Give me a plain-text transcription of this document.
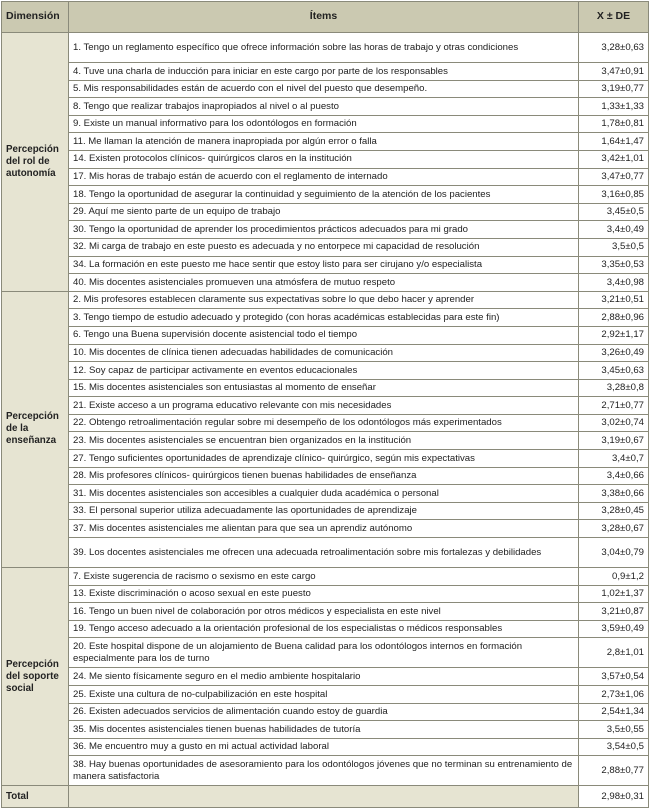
Dimensión	Ítems	X ± DE
Percepción del rol de autonomía	1. Tengo un reglamento específico que ofrece información sobre las horas de trabajo y otras condiciones	3,28±0,63
	4. Tuve una charla de inducción para iniciar en este cargo por parte de los responsables	3,47±0,91
	5. Mis responsabilidades están de acuerdo con el nivel del puesto que desempeño.	3,19±0,77
	8. Tengo que realizar trabajos inapropiados al nivel o al puesto	1,33±1,33
	9. Existe un manual informativo para los odontólogos en formación	1,78±0,81
	11. Me llaman la atención de manera inapropiada por algún error o falla	1,64±1,47
	14. Existen protocolos clínicos- quirúrgicos claros en la institución	3,42±1,01
	17. Mis horas de trabajo están de acuerdo con el reglamento de internado	3,47±0,77
	18. Tengo la oportunidad de asegurar la continuidad y seguimiento de la atención de los pacientes	3,16±0,85
	29. Aquí me siento parte de un equipo de trabajo	3,45±0,5
	30. Tengo la oportunidad de aprender los procedimientos prácticos adecuados para mi grado	3,4±0,49
	32. Mi carga de trabajo en este puesto es adecuada y no entorpece mi capacidad de resolución	3,5±0,5
	34. La formación en este puesto me hace sentir que estoy listo para ser cirujano y/o especialista	3,35±0,53
	40. Mis docentes asistenciales promueven una atmósfera de mutuo respeto	3,4±0,98
Percepción de la enseñanza	2. Mis profesores establecen claramente sus expectativas sobre lo que debo hacer y aprender	3,21±0,51
	3. Tengo tiempo de estudio adecuado y protegido (con horas académicas establecidas para este fin)	2,88±0,96
	6. Tengo una Buena supervisión docente asistencial todo el tiempo	2,92±1,17
	10. Mis docentes de clínica tienen adecuadas habilidades de comunicación	3,26±0,49
	12. Soy capaz de participar activamente en eventos educacionales	3,45±0,63
	15. Mis docentes asistenciales son entusiastas al momento de enseñar	3,28±0,8
	21. Existe acceso a un programa educativo relevante con mis necesidades	2,71±0,77
	22. Obtengo retroalimentación regular sobre mi desempeño de los odontólogos más experimentados	3,02±0,74
	23. Mis docentes asistenciales se encuentran bien organizados en la institución	3,19±0,67
	27. Tengo suficientes oportunidades de aprendizaje clínico- quirúrgico, según mis expectativas	3,4±0,7
	28. Mis profesores clínicos- quirúrgicos tienen buenas habilidades de enseñanza	3,4±0,66
	31. Mis docentes asistenciales son accesibles a cualquier duda académica o personal	3,38±0,66
	33. El personal superior utiliza adecuadamente las oportunidades de aprendizaje	3,28±0,45
	37. Mis docentes asistenciales me alientan para que sea un aprendiz autónomo	3,28±0,67
	39. Los docentes asistenciales me ofrecen una adecuada retroalimentación sobre mis fortalezas y debilidades	3,04±0,79
Percepción del soporte social	7. Existe sugerencia de racismo o sexismo en este cargo	0,9±1,2
	13. Existe discriminación o acoso sexual en este puesto	1,02±1,37
	16. Tengo un buen nivel de colaboración por otros médicos y especialista en este nivel	3,21±0,87
	19. Tengo acceso adecuado a la orientación profesional de los especialistas o médicos responsables	3,59±0,49
	20. Este hospital dispone de un alojamiento de Buena calidad para los odontólogos internos en formación especialmente para los de turno	2,8±1,01
	24. Me siento físicamente seguro en el medio ambiente hospitalario	3,57±0,54
	25. Existe una cultura de no-culpabilización en este hospital	2,73±1,06
	26. Existen adecuados servicios de alimentación cuando estoy de guardia	2,54±1,34
	35. Mis docentes asistenciales tienen buenas habilidades de tutoría	3,5±0,55
	36. Me encuentro muy a gusto en mi actual actividad laboral	3,54±0,5
	38. Hay buenas oportunidades de asesoramiento para los odontólogos jóvenes que no terminan su entrenamiento de manera satisfactoria	2,88±0,77
Total		2,98±0,31
